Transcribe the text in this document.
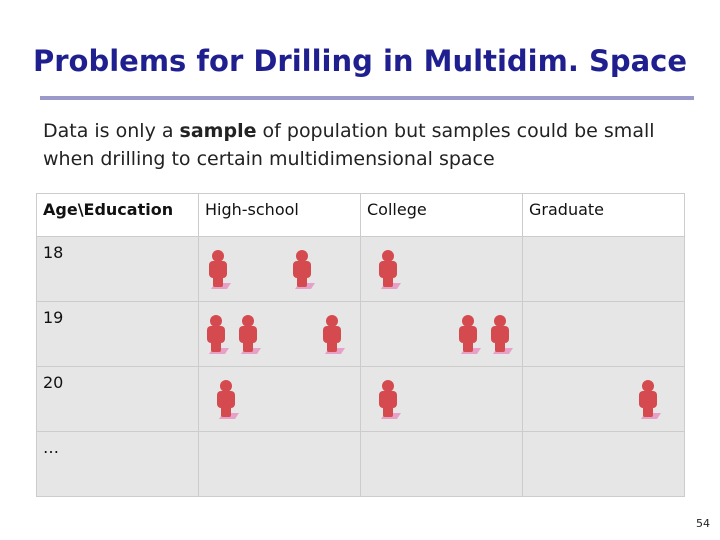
Problems for Drilling in Multidim. Space
Data is only a sample of population but samples could be small when drilling to certain multidimensional space
Age\Education	High-school	College	Graduate
18	

19	

20	

…			
54
